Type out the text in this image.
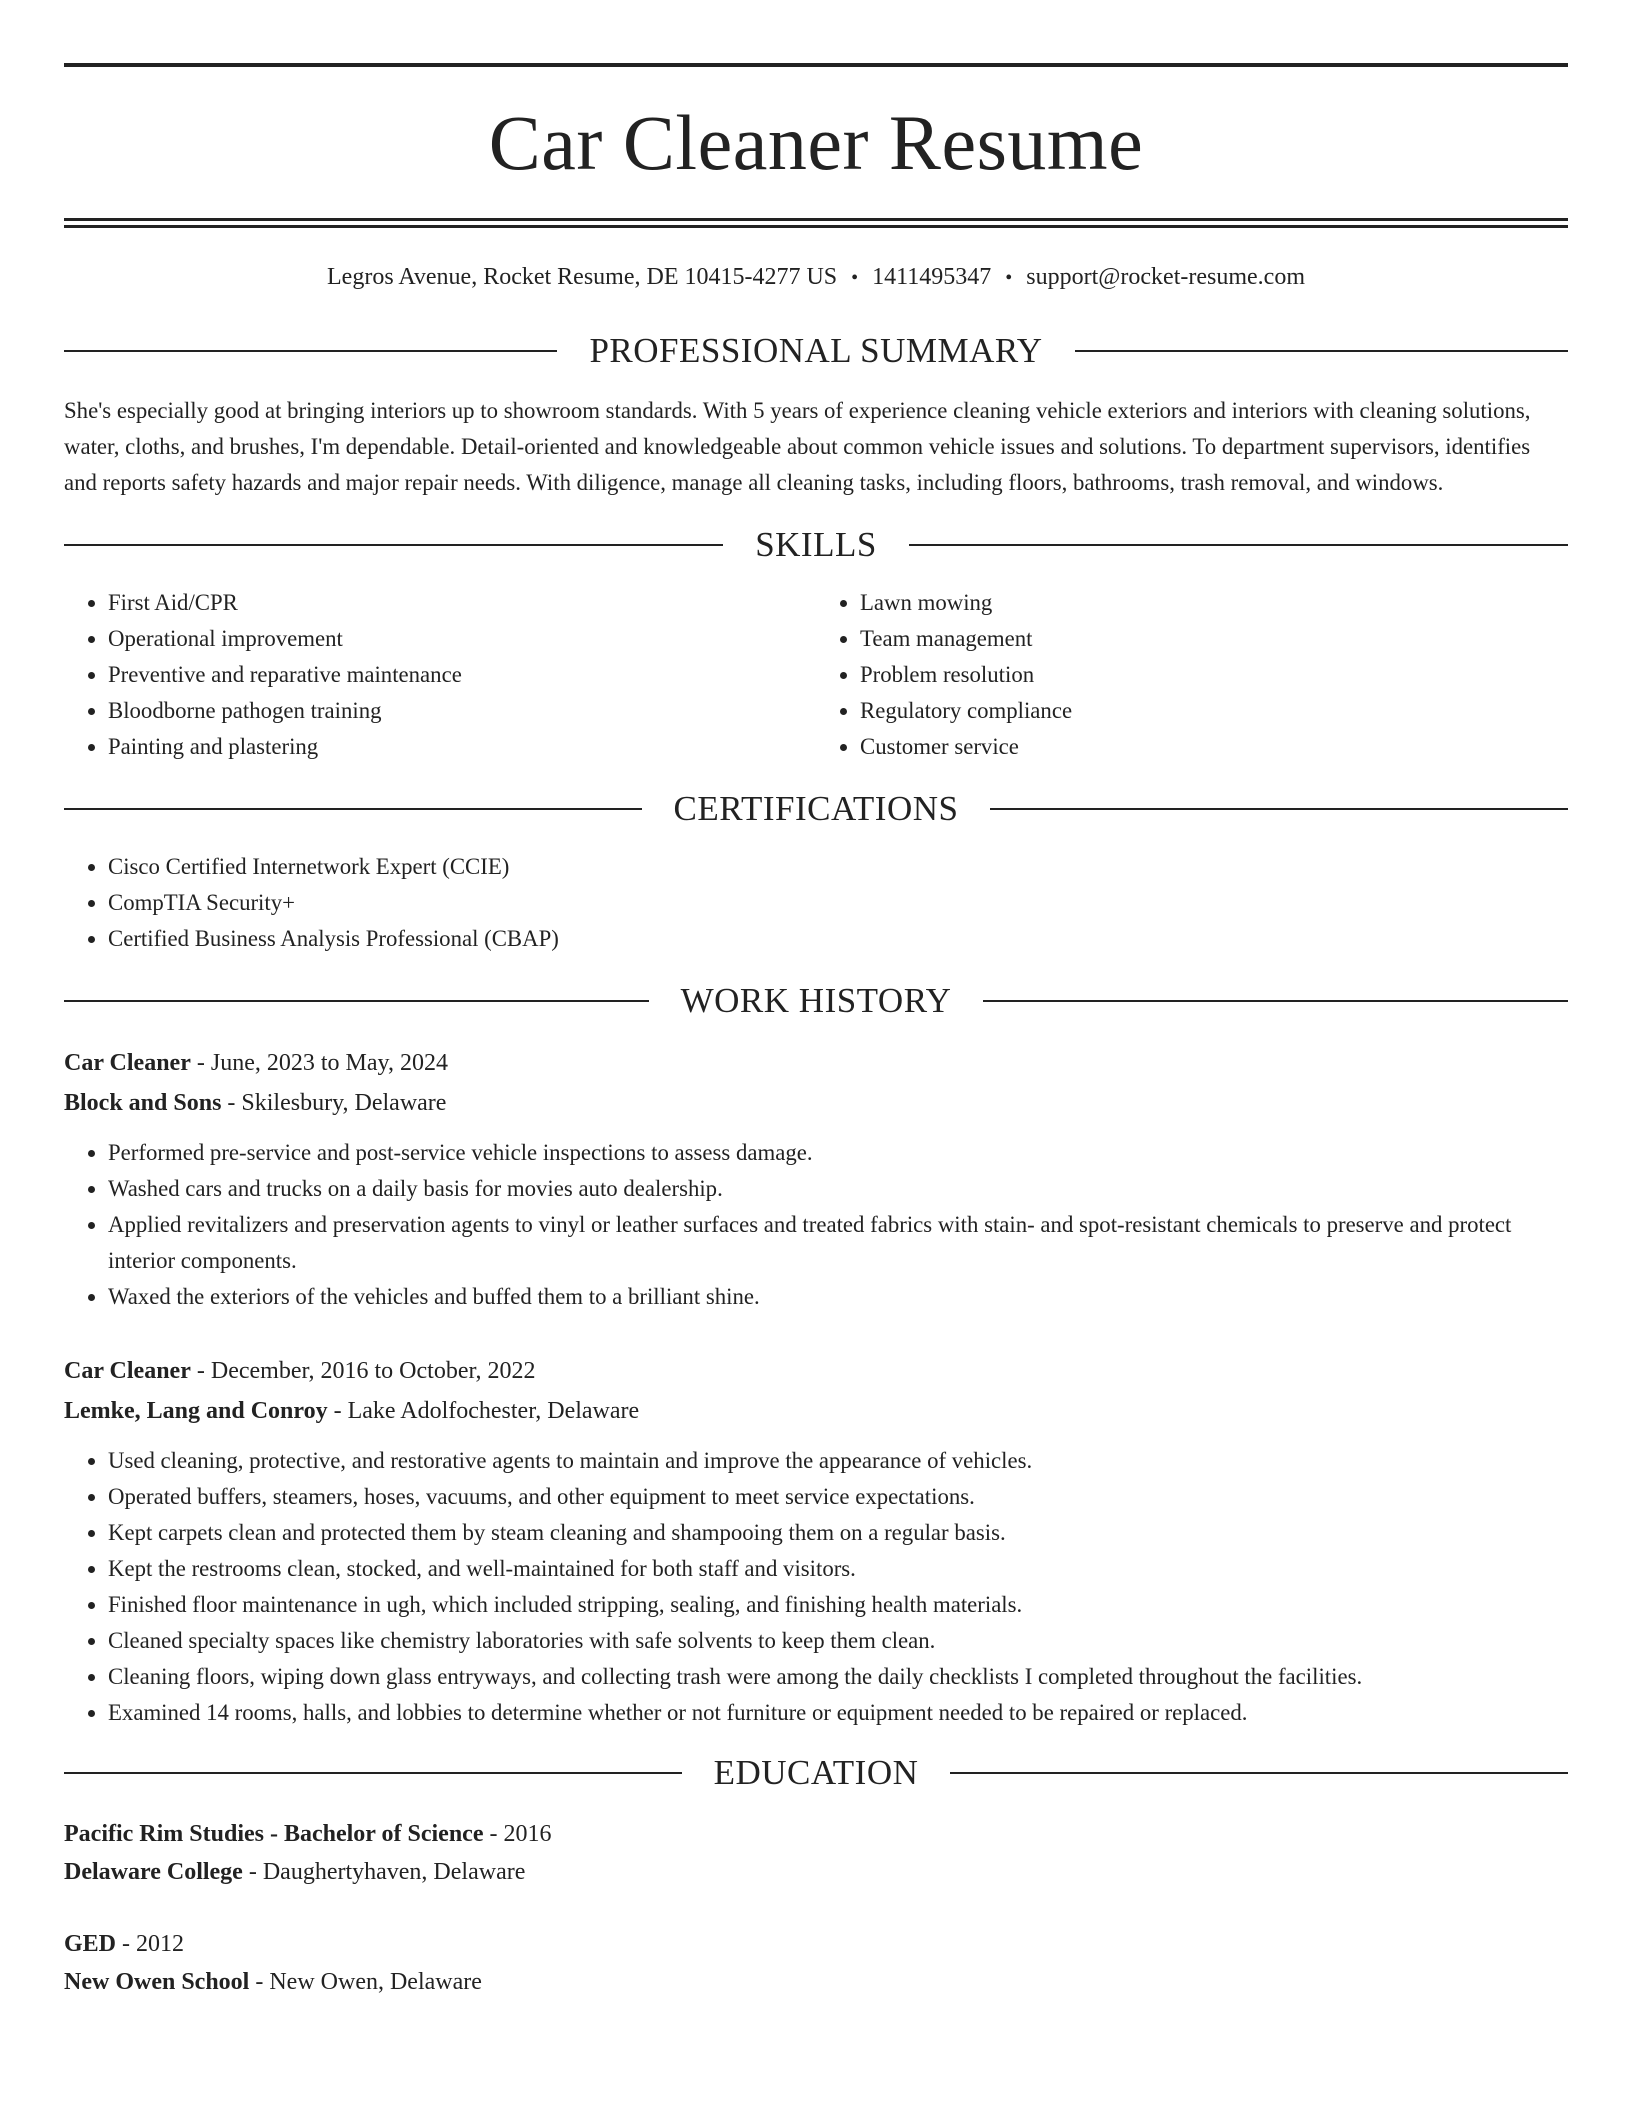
Car Cleaner Resume
Legros Avenue, Rocket Resume, DE 10415-4277 US • 1411495347 • support@rocket-resume.com
PROFESSIONAL SUMMARY
She's especially good at bringing interiors up to showroom standards. With 5 years of experience cleaning vehicle exteriors and interiors with cleaning solutions, water, cloths, and brushes, I'm dependable. Detail-oriented and knowledgeable about common vehicle issues and solutions. To department supervisors, identifies and reports safety hazards and major repair needs. With diligence, manage all cleaning tasks, including floors, bathrooms, trash removal, and windows.
SKILLS
• First Aid/CPR
• Operational improvement
• Preventive and reparative maintenance
• Bloodborne pathogen training
• Painting and plastering
• Lawn mowing
• Team management
• Problem resolution
• Regulatory compliance
• Customer service
CERTIFICATIONS
• Cisco Certified Internetwork Expert (CCIE)
• CompTIA Security+
• Certified Business Analysis Professional (CBAP)
WORK HISTORY
Car Cleaner - June, 2023 to May, 2024
Block and Sons - Skilesbury, Delaware
• Performed pre-service and post-service vehicle inspections to assess damage.
• Washed cars and trucks on a daily basis for movies auto dealership.
• Applied revitalizers and preservation agents to vinyl or leather surfaces and treated fabrics with stain- and spot-resistant chemicals to preserve and protect interior components.
• Waxed the exteriors of the vehicles and buffed them to a brilliant shine.
Car Cleaner - December, 2016 to October, 2022
Lemke, Lang and Conroy - Lake Adolfochester, Delaware
• Used cleaning, protective, and restorative agents to maintain and improve the appearance of vehicles.
• Operated buffers, steamers, hoses, vacuums, and other equipment to meet service expectations.
• Kept carpets clean and protected them by steam cleaning and shampooing them on a regular basis.
• Kept the restrooms clean, stocked, and well-maintained for both staff and visitors.
• Finished floor maintenance in ugh, which included stripping, sealing, and finishing health materials.
• Cleaned specialty spaces like chemistry laboratories with safe solvents to keep them clean.
• Cleaning floors, wiping down glass entryways, and collecting trash were among the daily checklists I completed throughout the facilities.
• Examined 14 rooms, halls, and lobbies to determine whether or not furniture or equipment needed to be repaired or replaced.
EDUCATION
Pacific Rim Studies - Bachelor of Science - 2016
Delaware College - Daughertyhaven, Delaware
GED - 2012
New Owen School - New Owen, Delaware
